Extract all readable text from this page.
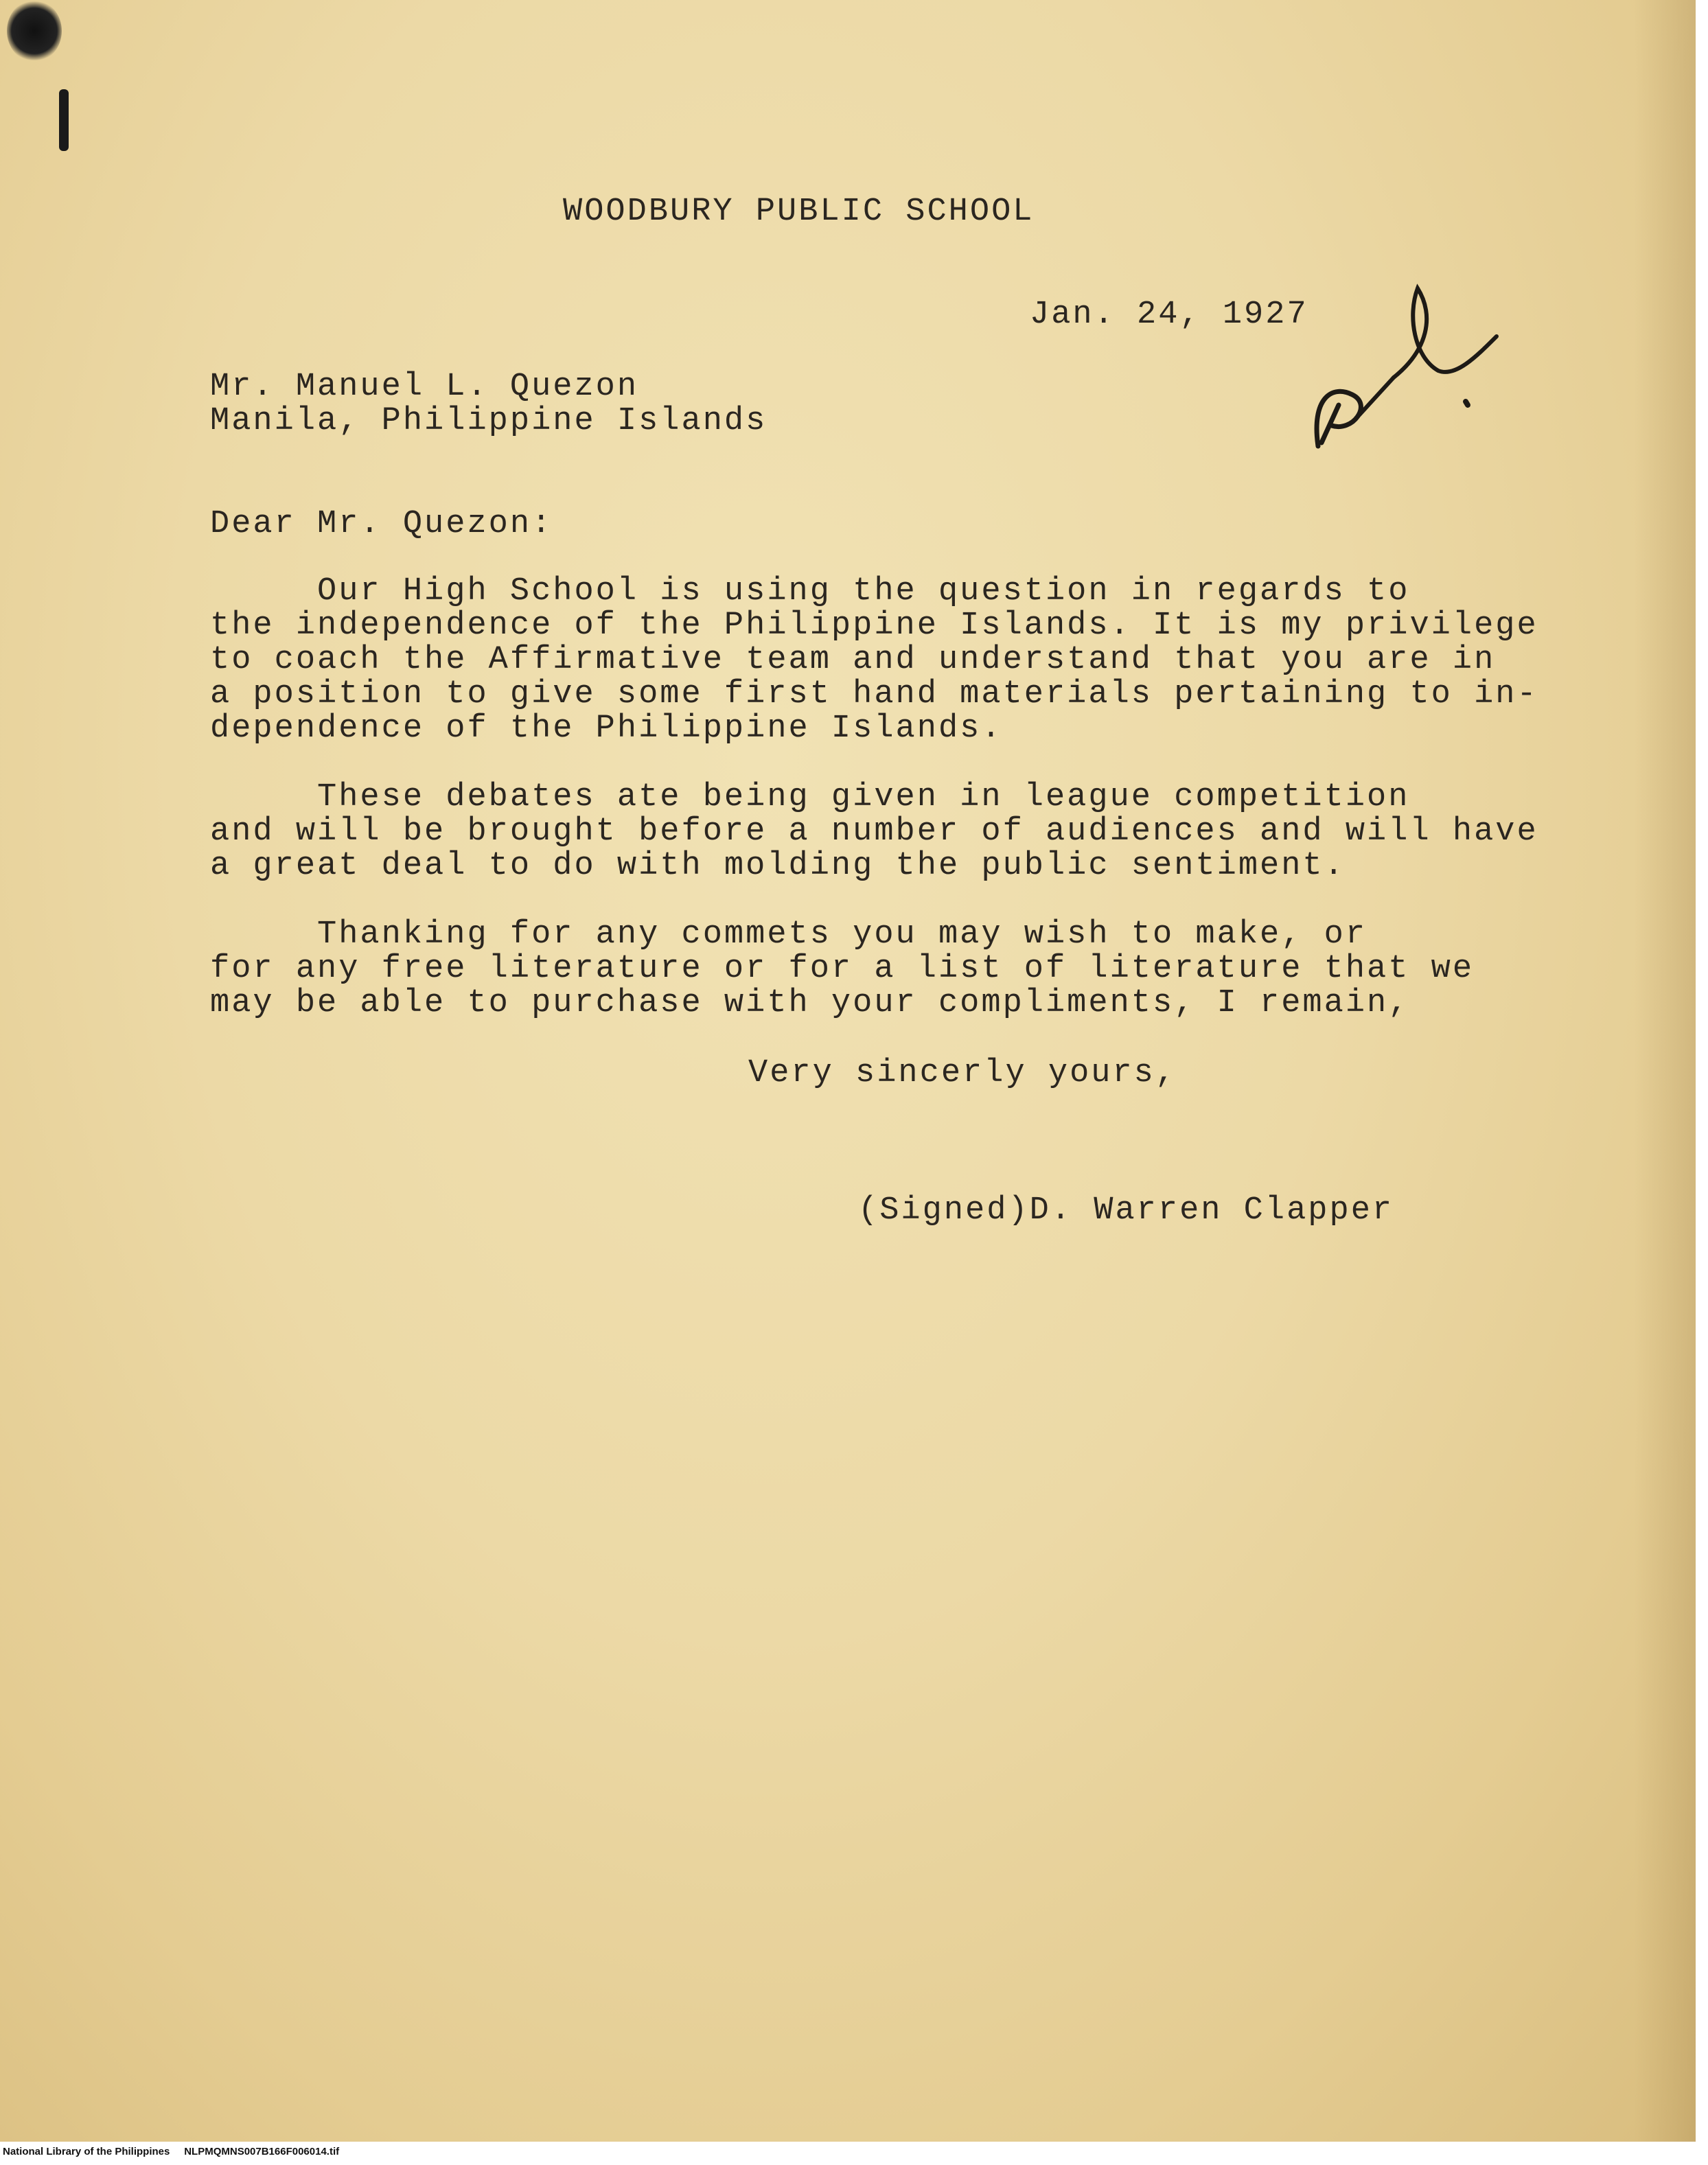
WOODBURY PUBLIC SCHOOL
Jan. 24, 1927
Mr. Manuel L. Quezon
Manila, Philippine Islands
Dear Mr. Quezon:
Our High School is using the question in regards to
the independence of the Philippine Islands. It is my privilege
to coach the Affirmative team and understand that you are in
a position to give some first hand materials pertaining to in-
dependence of the Philippine Islands.
These debates ate being given in league competition
and will be brought before a number of audiences and will have
a great deal to do with molding the public sentiment.
Thanking for any commets you may wish to make, or
for any free literature or for a list of literature that we
may be able to purchase with your compliments, I remain,
Very sincerly yours,
(Signed)D. Warren Clapper
National Library of the Philippines     NLPMQMNS007B166F006014.tif
